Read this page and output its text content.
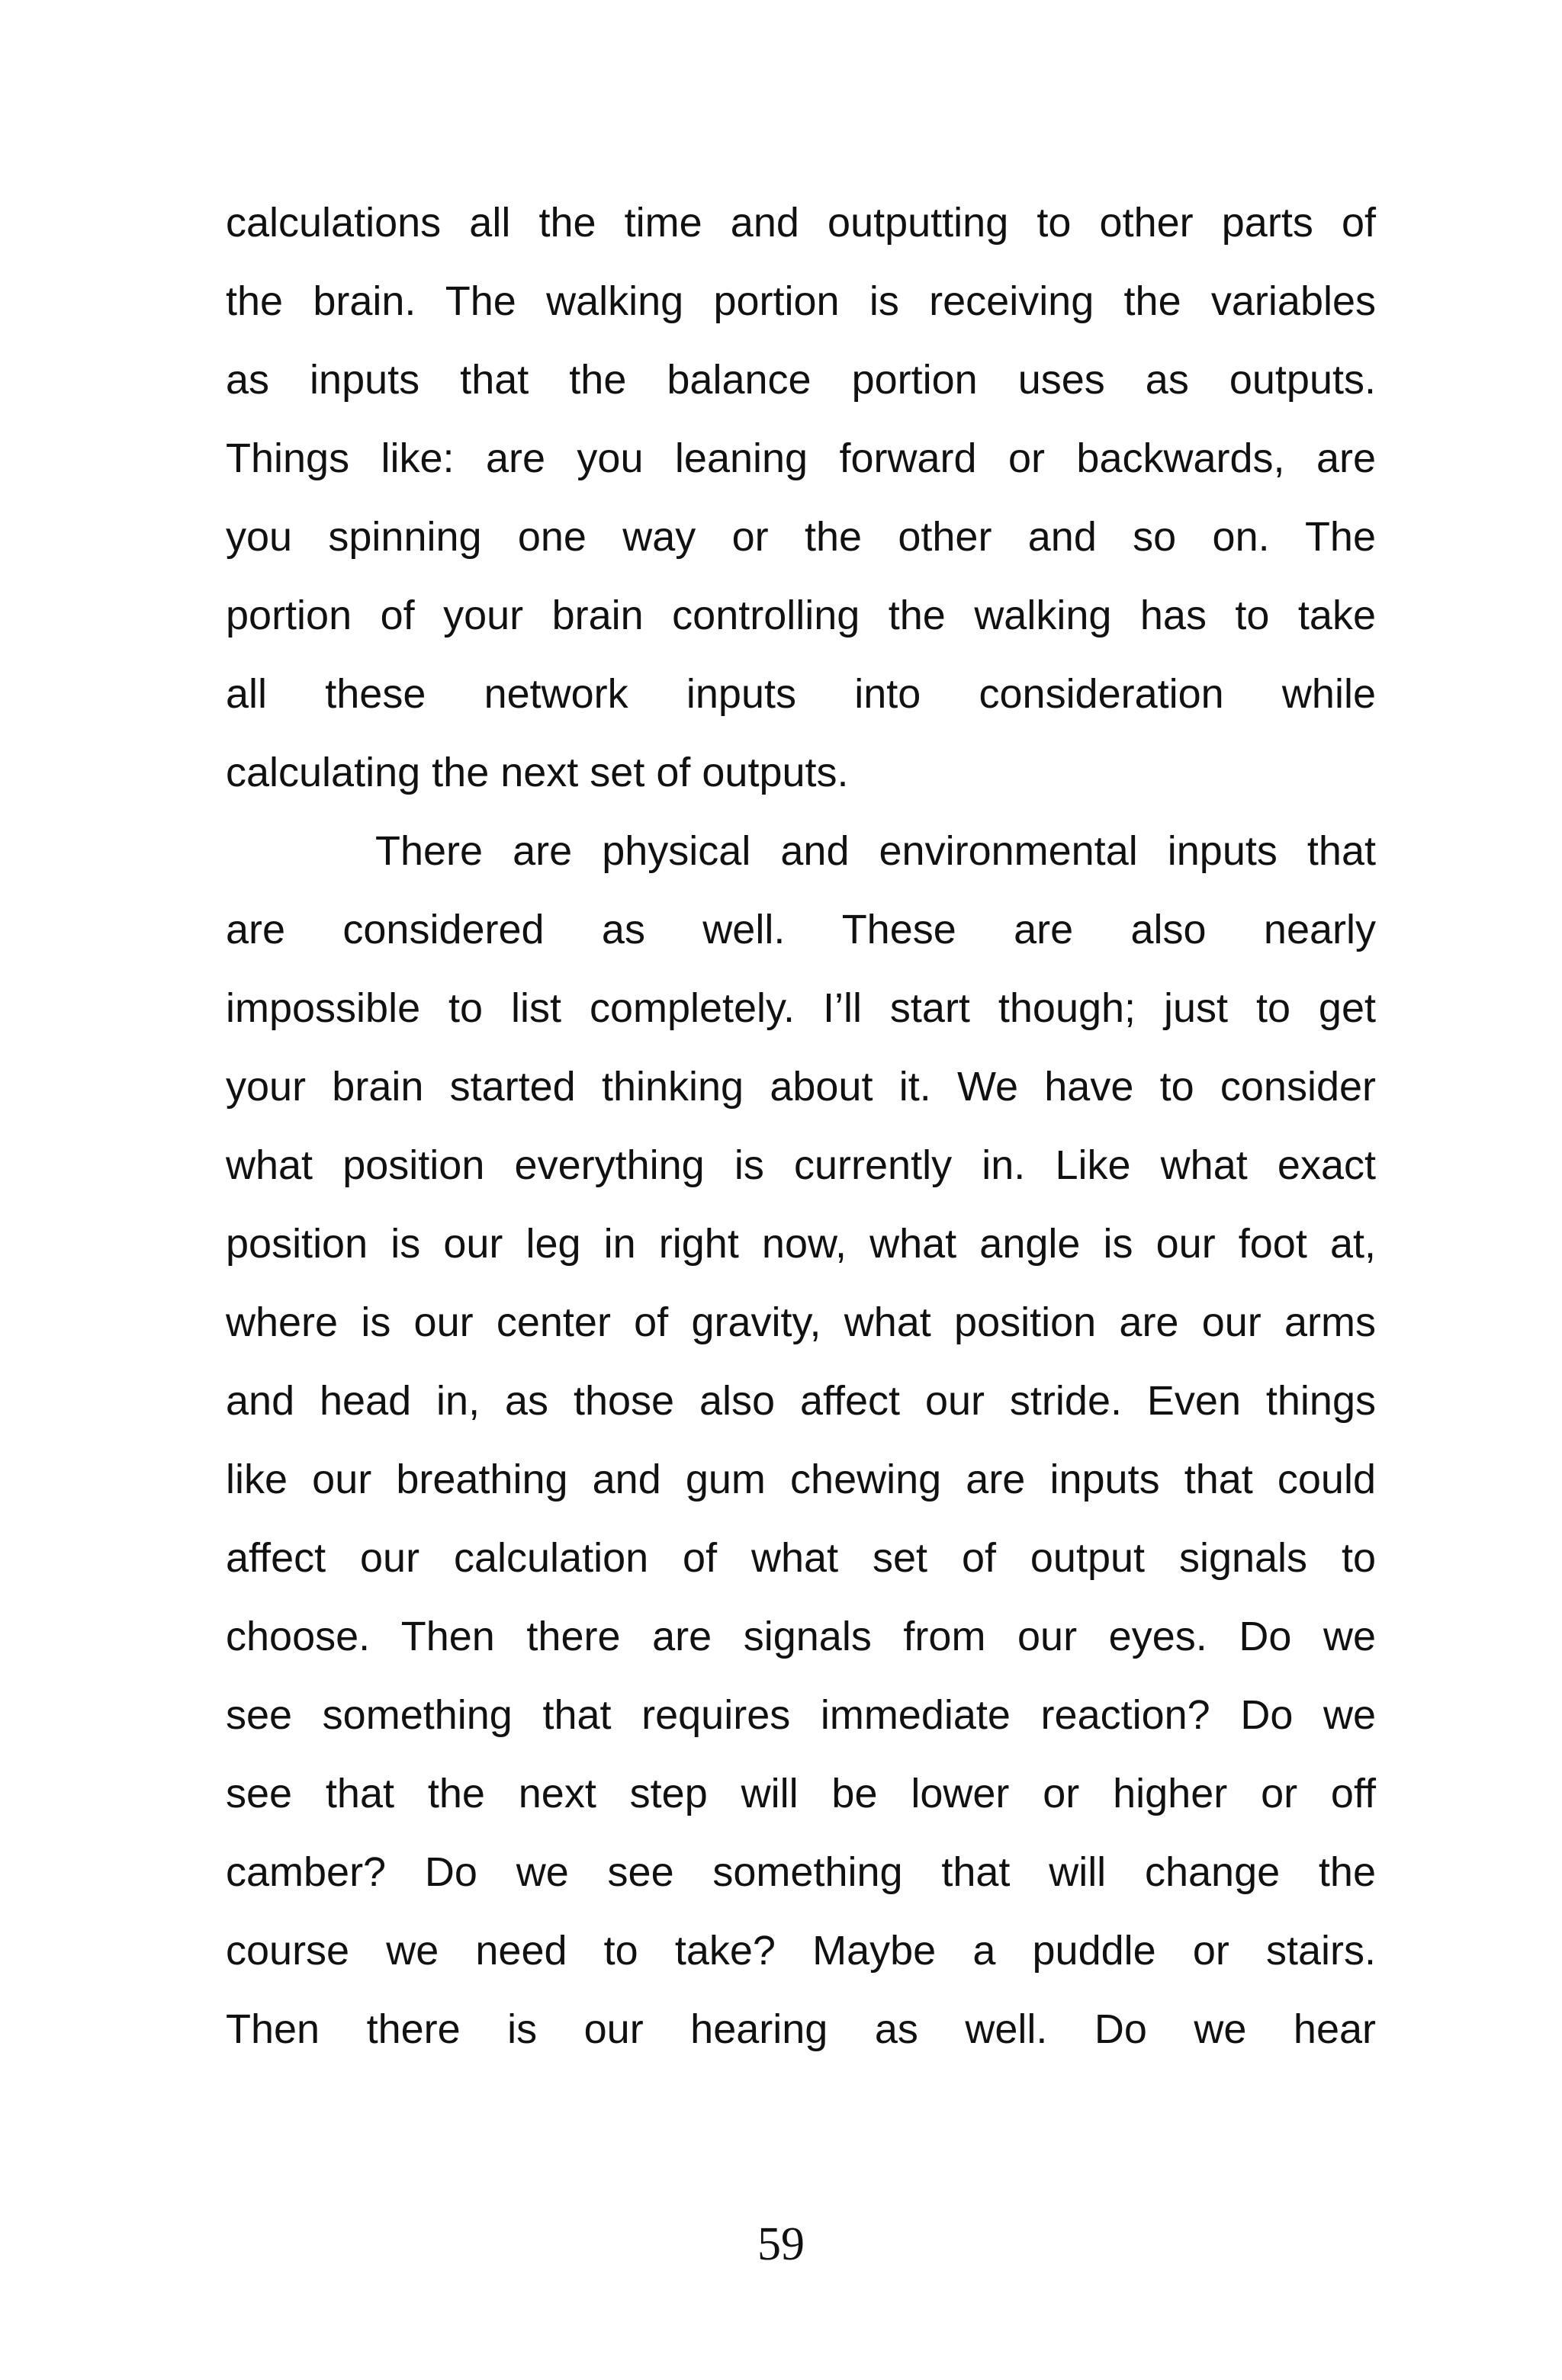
calculations all the time and outputting to other parts of
the brain. The walking portion is receiving the variables
as inputs that the balance portion uses as outputs.
Things like: are you leaning forward or backwards, are
you spinning one way or the other and so on. The
portion of your brain controlling the walking has to take
all these network inputs into consideration while
calculating the next set of outputs.
There are physical and environmental inputs that
are considered as well. These are also nearly
impossible to list completely. I’ll start though; just to get
your brain started thinking about it. We have to consider
what position everything is currently in. Like what exact
position is our leg in right now, what angle is our foot at,
where is our center of gravity, what position are our arms
and head in, as those also affect our stride. Even things
like our breathing and gum chewing are inputs that could
affect our calculation of what set of output signals to
choose. Then there are signals from our eyes. Do we
see something that requires immediate reaction? Do we
see that the next step will be lower or higher or off
camber? Do we see something that will change the
course we need to take? Maybe a puddle or stairs.
Then there is our hearing as well. Do we hear
59
